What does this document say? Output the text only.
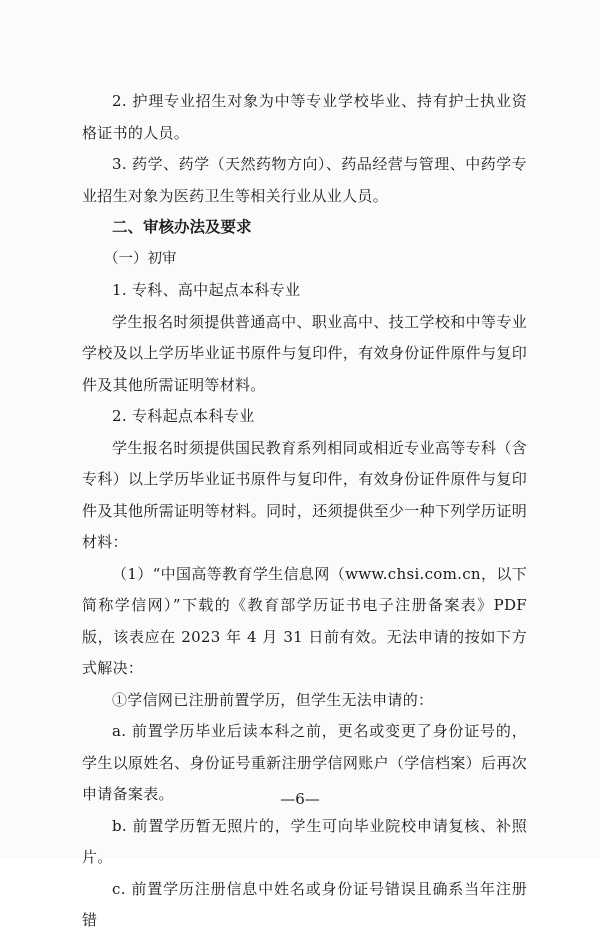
2. 护理专业招生对象为中等专业学校毕业、持有护士执业资格证书的人员。

3. 药学、药学（天然药物方向）、药品经营与管理、中药学专业招生对象为医药卫生等相关行业从业人员。

二、审核办法及要求

（一）初审

1. 专科、高中起点本科专业

学生报名时须提供普通高中、职业高中、技工学校和中等专业学校及以上学历毕业证书原件与复印件，有效身份证件原件与复印件及其他所需证明等材料。

2. 专科起点本科专业

学生报名时须提供国民教育系列相同或相近专业高等专科（含专科）以上学历毕业证书原件与复印件，有效身份证件原件与复印件及其他所需证明等材料。同时，还须提供至少一种下列学历证明材料：

（1）“中国高等教育学生信息网（www.chsi.com.cn，以下简称学信网）”下载的《教育部学历证书电子注册备案表》PDF版，该表应在 2023 年 4 月 31 日前有效。无法申请的按如下方式解决：

①学信网已注册前置学历，但学生无法申请的：

a. 前置学历毕业后读本科之前，更名或变更了身份证号的，学生以原姓名、身份证号重新注册学信网账户（学信档案）后再次申请备案表。

b. 前置学历暂无照片的，学生可向毕业院校申请复核、补照片。

c. 前置学历注册信息中姓名或身份证号错误且确系当年注册错

—6—
